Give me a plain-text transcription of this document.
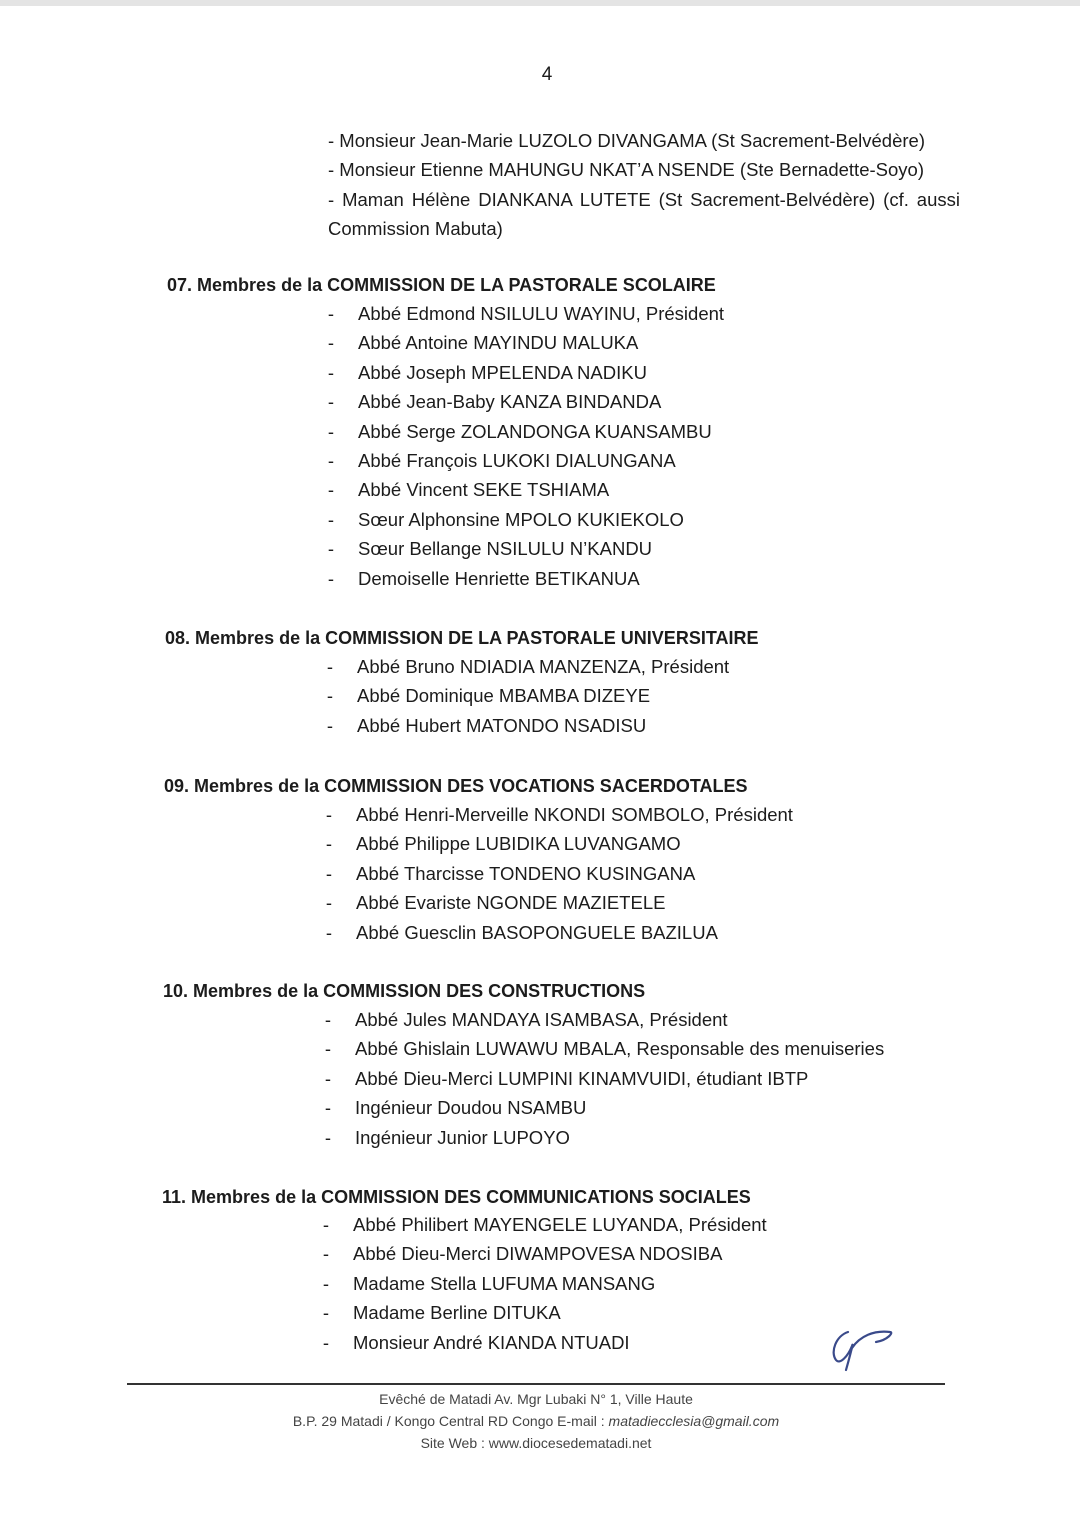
4
- Monsieur Jean-Marie LUZOLO DIVANGAMA (St Sacrement-Belvédère)
- Monsieur Etienne MAHUNGU NKAT’A NSENDE (Ste Bernadette-Soyo)
- Maman Hélène DIANKANA LUTETE (St Sacrement-Belvédère) (cf. aussi Commission Mabuta)
07. Membres de la COMMISSION DE LA PASTORALE SCOLAIRE
- Abbé Edmond NSILULU WAYINU, Président
- Abbé Antoine MAYINDU MALUKA
- Abbé Joseph MPELENDA NADIKU
- Abbé Jean-Baby KANZA BINDANDA
- Abbé Serge ZOLANDONGA KUANSAMBU
- Abbé François LUKOKI DIALUNGANA
- Abbé Vincent SEKE TSHIAMA
- Sœur Alphonsine MPOLO KUKIEKOLO
- Sœur Bellange NSILULU N’KANDU
- Demoiselle Henriette BETIKANUA
08. Membres de la COMMISSION DE LA PASTORALE UNIVERSITAIRE
- Abbé Bruno NDIADIA MANZENZA, Président
- Abbé Dominique MBAMBA DIZEYE
- Abbé Hubert MATONDO NSADISU
09. Membres de la COMMISSION DES VOCATIONS SACERDOTALES
- Abbé Henri-Merveille NKONDI SOMBOLO, Président
- Abbé Philippe LUBIDIKA LUVANGAMO
- Abbé Tharcisse TONDENO KUSINGANA
- Abbé Evariste NGONDE MAZIETELE
- Abbé Guesclin BASOPONGUELE BAZILUA
10. Membres de la COMMISSION DES CONSTRUCTIONS
- Abbé Jules MANDAYA ISAMBASA, Président
- Abbé Ghislain LUWAWU MBALA, Responsable des menuiseries
- Abbé Dieu-Merci LUMPINI KINAMVUIDI, étudiant IBTP
- Ingénieur Doudou NSAMBU
- Ingénieur Junior LUPOYO
11. Membres de la COMMISSION DES COMMUNICATIONS SOCIALES
- Abbé Philibert MAYENGELE LUYANDA, Président
- Abbé Dieu-Merci DIWAMPOVESA NDOSIBA
- Madame Stella LUFUMA MANSANG
- Madame Berline DITUKA
- Monsieur André KIANDA NTUADI
Evêché de Matadi Av. Mgr Lubaki N° 1, Ville Haute
B.P. 29 Matadi / Kongo Central RD Congo E-mail : matadiecclesia@gmail.com
Site Web : www.diocesedematadi.net
